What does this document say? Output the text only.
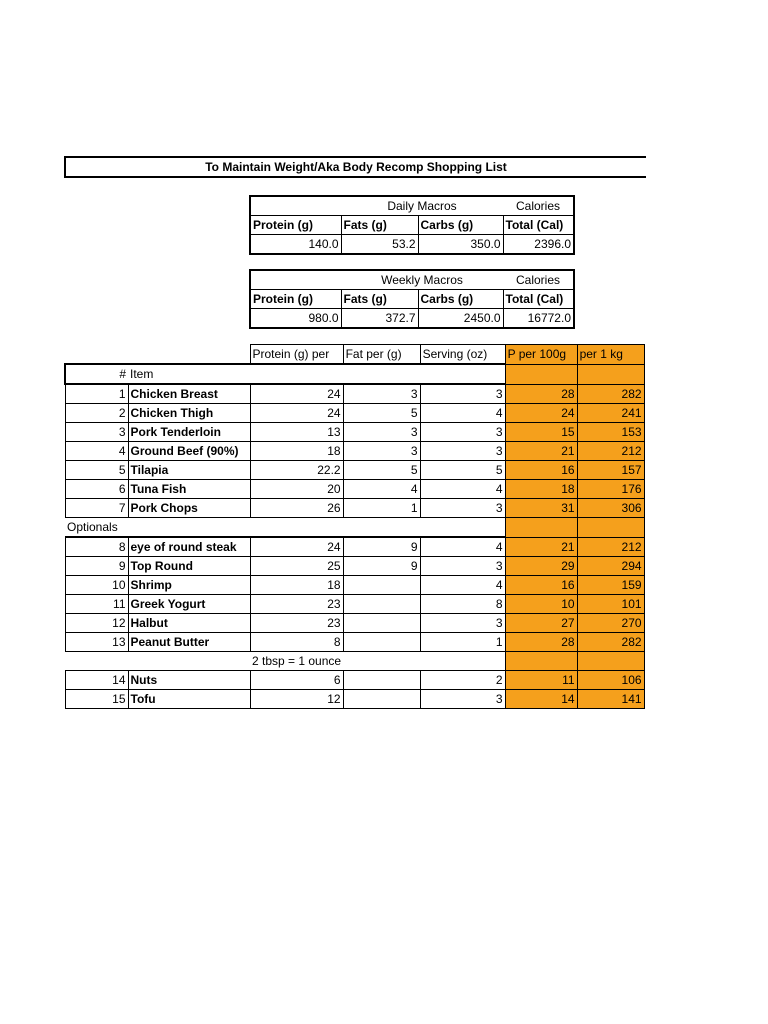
To Maintain Weight/Aka Body Recomp Shopping List
	Daily Macros		Calories
Protein (g)	Fats (g)	Carbs (g)	Total (Cal)
140.0	53.2	350.0	2396.0
	Weekly Macros		Calories
Protein (g)	Fats (g)	Carbs (g)	Total (Cal)
980.0	372.7	2450.0	16772.0
		Protein (g) per	Fat per (g)	Serving (oz)	P per 100g	per 1 kg
#	Item					
1	Chicken Breast	24	3	3	28	282
2	Chicken Thigh	24	5	4	24	241
3	Pork Tenderloin	13	3	3	15	153
4	Ground Beef (90%)	18	3	3	21	212
5	Tilapia	22.2	5	5	16	157
6	Tuna Fish	20	4	4	18	176
7	Pork Chops	26	1	3	31	306
Optionals						
8	eye of round steak	24	9	4	21	212
9	Top Round	25	9	3	29	294
10	Shrimp	18		4	16	159
11	Greek Yogurt	23		8	10	101
12	Halbut	23		3	27	270
13	Peanut Butter	8		1	28	282
		2 tbsp = 1 ounce				
14	Nuts	6		2	11	106
15	Tofu	12		3	14	141
